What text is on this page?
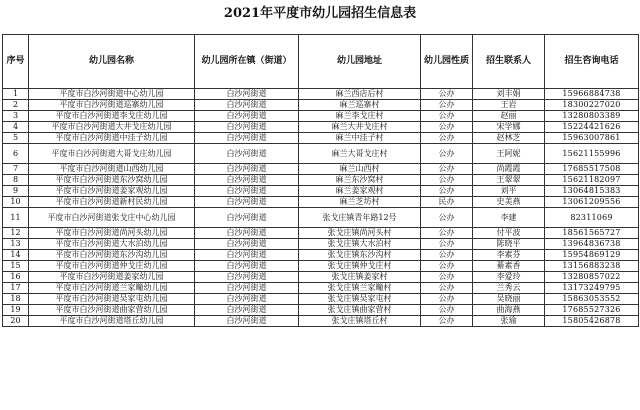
2021年平度市幼儿园招生信息表
序号	幼儿园名称	幼儿园所在镇（街道）	幼儿园地址	幼儿园性质	招生联系人	招生咨询电话
1	平度市白沙河街道中心幼儿园	白沙河街道	麻兰西店后村	公办	刘丰娟	15966884738
2	平度市白沙河街道巡寨幼儿园	白沙河街道	麻兰巡寨村	公办	王岩	18300227020
3	平度市白沙河街道李戈庄幼儿园	白沙河街道	麻兰李戈庄村	公办	赵丽	13280803389
4	平度市白沙河街道大井戈庄幼儿园	白沙河街道	麻兰大井戈庄村	公办	宋学娜	15224421626
5	平度市白沙河街道中洼子幼儿园	白沙河街道	麻兰中洼子村	公办	赵林芝	15963007861
6	平度市白沙河街道大哥戈庄幼儿园	白沙河街道	麻兰大哥戈庄村	公办	王阿妮	15621155996
7	平度市白沙河街道山西幼儿园	白沙河街道	麻兰山西村	公办	尚霞霞	17685517508
8	平度市白沙河街道东沙窝幼儿园	白沙河街道	麻兰东沙窝村	公办	王翠翠	15621182097
9	平度市白沙河街道姜家观幼儿园	白沙河街道	麻兰姜家观村	公办	刘平	13064815383
10	平度市白沙河街道新村民幼儿园	白沙河街道	麻兰芝坊村	民办	史美燕	13061209556
11	平度市白沙河街道张戈庄中心幼儿园	白沙河街道	张戈庄镇青年路12号	公办	李建	82311069
12	平度市白沙河街道尚河头幼儿园	白沙河街道	张戈庄镇尚河头村	公办	付平波	18561565727
13	平度市白沙河街道大水泊幼儿园	白沙河街道	张戈庄镇大水泊村	公办	陈晓平	13964836738
14	平度市白沙河街道东沙沟幼儿园	白沙河街道	张戈庄镇东沙沟村	公办	李素芬	15954869129
15	平度市白沙河街道仲戈庄幼儿园	白沙河街道	张戈庄镇仲戈庄村	公办	綦素香	13156883238
16	平度市白沙河街道姜家幼儿园	白沙河街道	张戈庄镇姜家村	公办	李爱玲	13280857022
17	平度市白沙河街道兰家疃幼儿园	白沙河街道	张戈庄镇兰家疃村	公办	兰秀云	13173249795
18	平度市白沙河街道吴家屯幼儿园	白沙河街道	张戈庄镇吴家屯村	公办	吴晓丽	15863053552
19	平度市白沙河街道曲家营幼儿园	白沙河街道	张戈庄镇曲家营村	公办	曲海燕	17685527326
20	平度市白沙河街道塔丘幼儿园	白沙河街道	张戈庄镇塔丘村	公办	张瑜	15805426878
